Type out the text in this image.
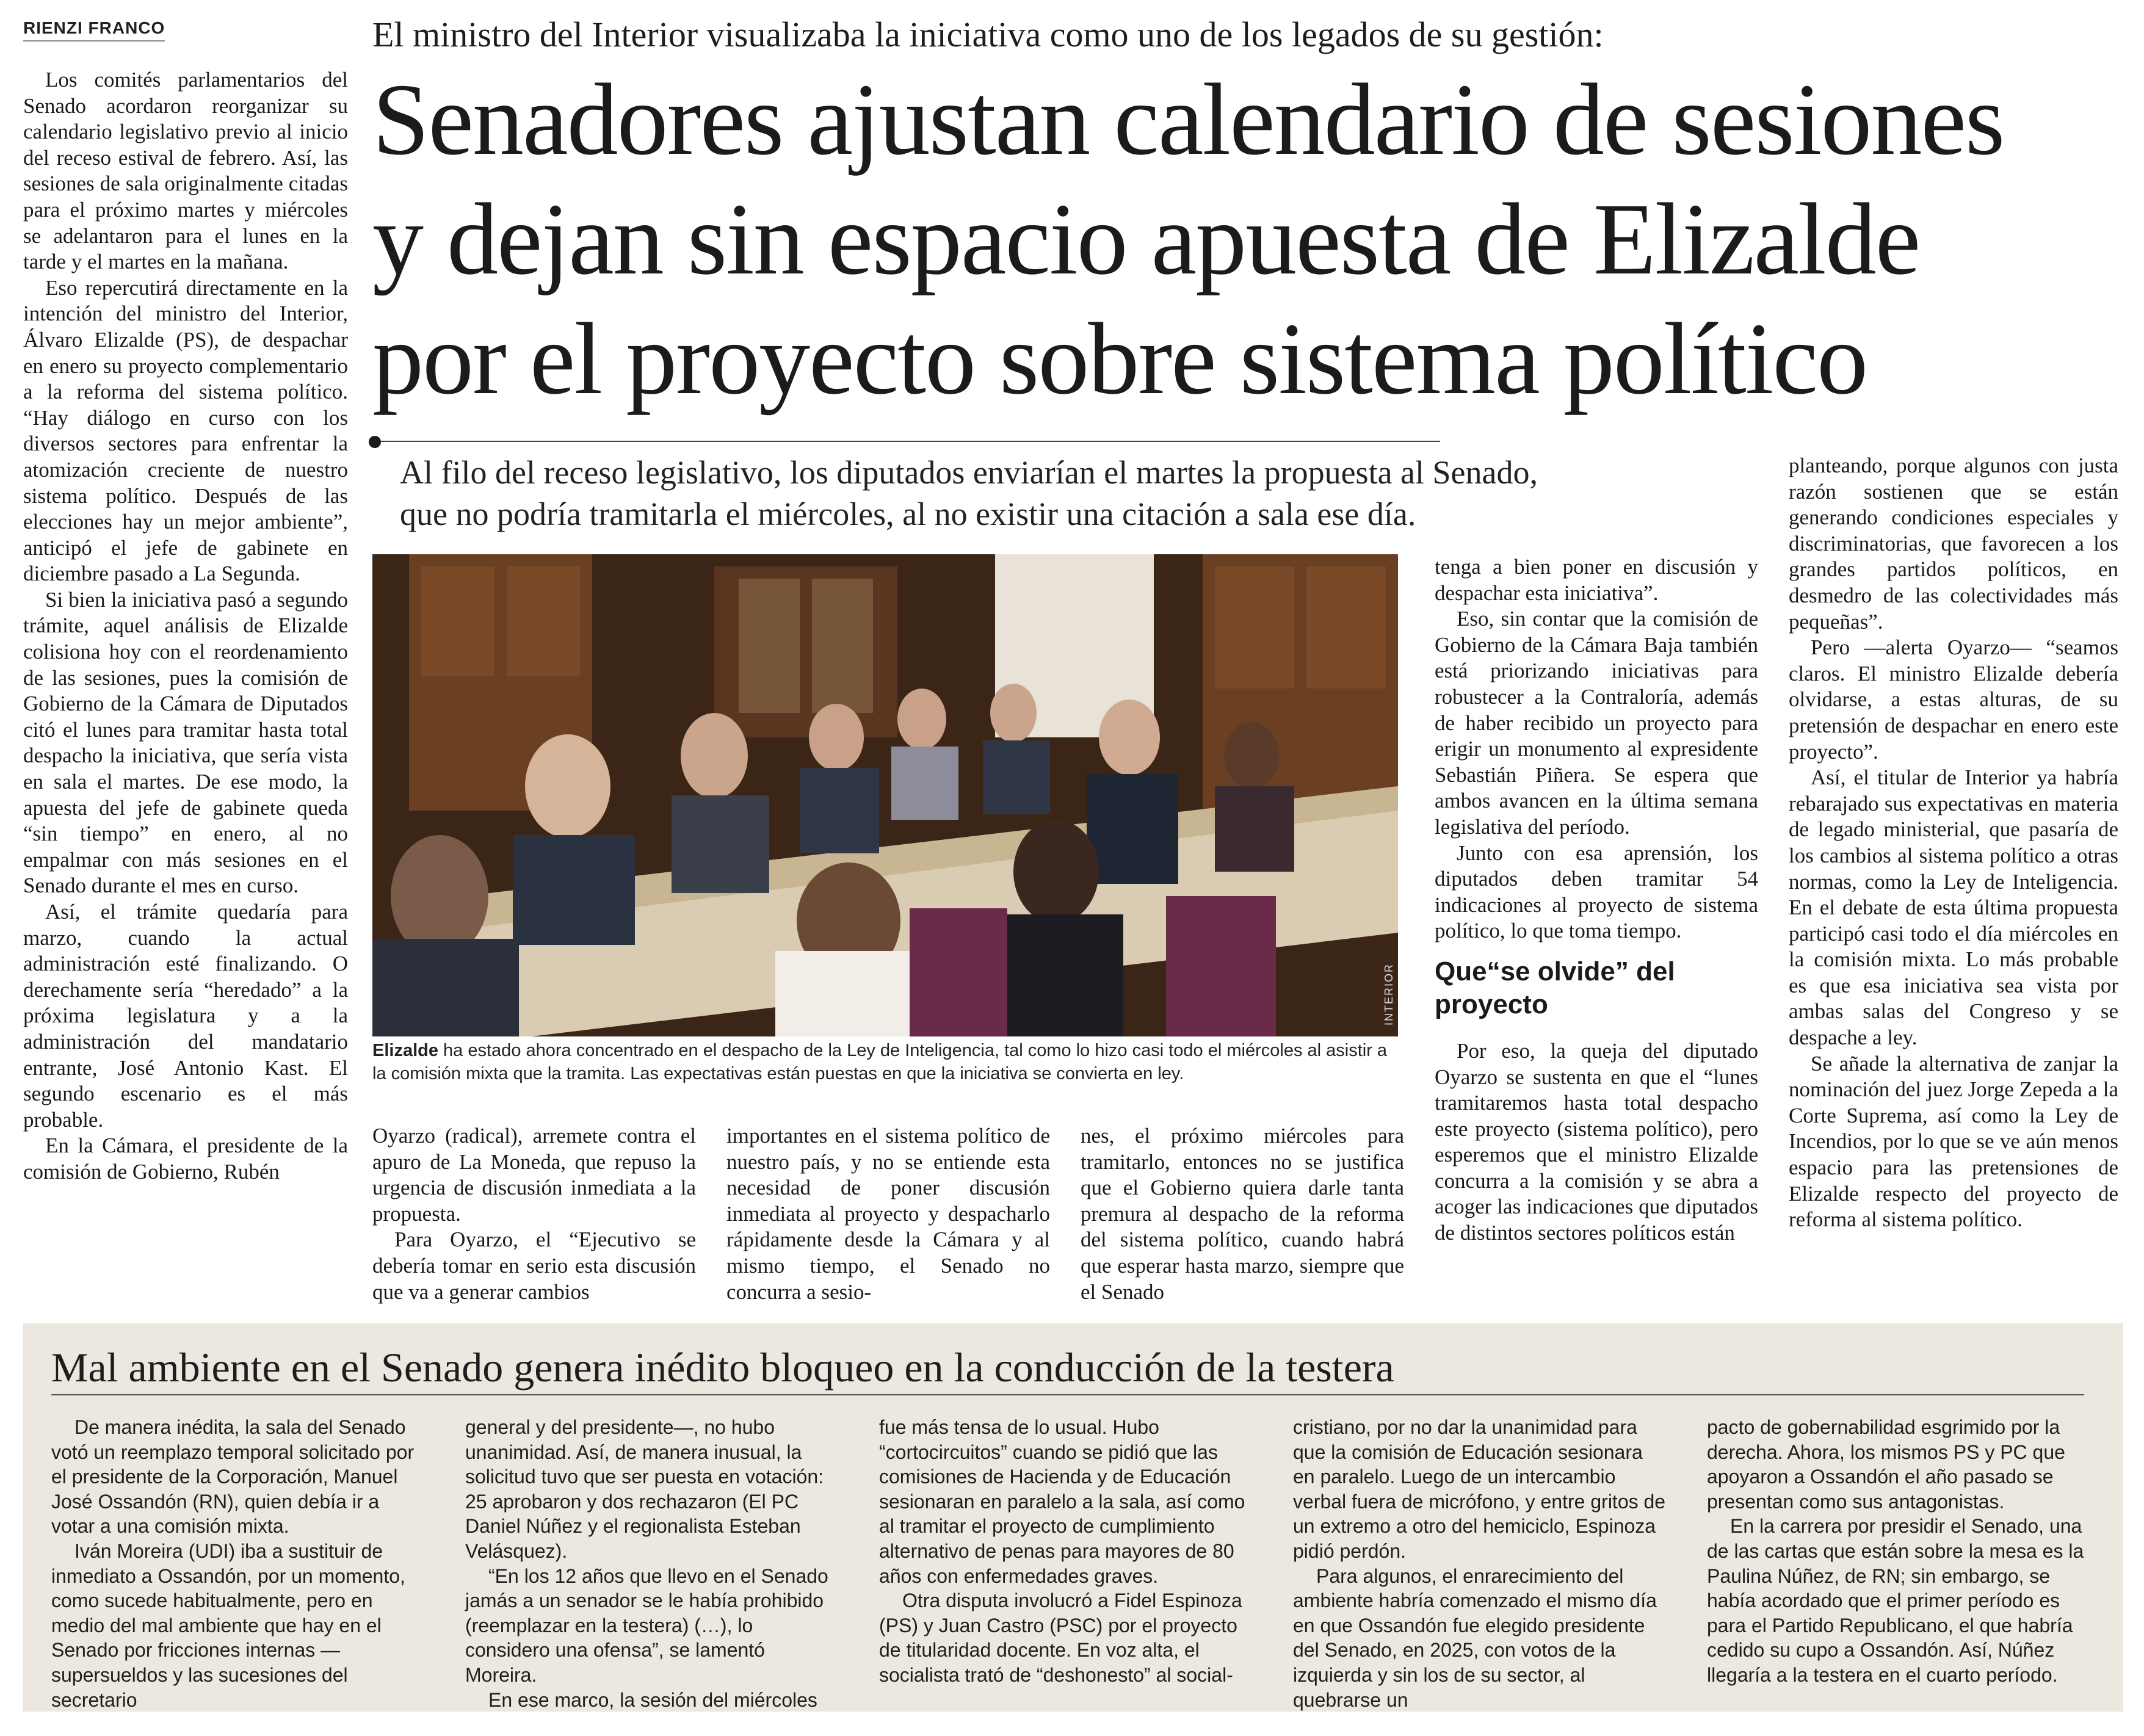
RIENZI FRANCO	El ministro del Interior visualizaba la iniciativa como uno de los legados de su gestión:
Senadores ajustan calendario de sesiones
y dejan sin espacio apuesta de Elizalde
por el proyecto sobre sistema político
Al filo del receso legislativo, los diputados enviarían el martes la propuesta al Senado,
que no podría tramitarla el miércoles, al no existir una citación a sala ese día.

Los comités parlamentarios del Senado acordaron reorganizar su calendario legislativo previo al inicio del receso estival de febrero. Así, las sesiones de sala originalmente citadas para el próximo martes y miércoles se adelantaron para el lunes en la tarde y el martes en la mañana.

Eso repercutirá directamente en la intención del ministro del Interior, Álvaro Elizalde (PS), de despachar en enero su proyecto complementario a la reforma del sistema político. “Hay diálogo en curso con los diversos sectores para enfrentar la atomización creciente de nuestro sistema político. Después de las elecciones hay un mejor ambiente”, anticipó el jefe de gabinete en diciembre pasado a La Segunda.

Si bien la iniciativa pasó a segundo trámite, aquel análisis de Elizalde colisiona hoy con el reordenamiento de las sesiones, pues la comisión de Gobierno de la Cámara de Diputados citó el lunes para tramitar hasta total despacho la iniciativa, que sería vista en sala el martes. De ese modo, la apuesta del jefe de gabinete queda “sin tiempo” en enero, al no empalmar con más sesiones en el Senado durante el mes en curso.

Así, el trámite quedaría para marzo, cuando la actual administración esté finalizando. O derechamente sería “heredado” a la próxima legislatura y a la administración del mandatario entrante, José Antonio Kast. El segundo escenario es el más probable.

En la Cámara, el presidente de la comisión de Gobierno, Rubén

INTERIOR
Elizalde ha estado ahora concentrado en el despacho de la Ley de Inteligencia, tal como lo hizo casi todo el miércoles al asistir a la comisión mixta que la tramita. Las expectativas están puestas en que la iniciativa se convierta en ley.

Oyarzo (radical), arremete contra el apuro de La Moneda, que repuso la urgencia de discusión inmediata a la propuesta.

Para Oyarzo, el “Ejecutivo se debería tomar en serio esta discusión que va a generar cambios

importantes en el sistema político de nuestro país, y no se entiende esta necesidad de poner discusión inmediata al proyecto y despacharlo rápidamente desde la Cámara y al mismo tiempo, el Senado no concurra a sesio-

nes, el próximo miércoles para tramitarlo, entonces no se justifica que el Gobierno quiera darle tanta premura al despacho de la reforma del sistema político, cuando habrá que esperar hasta marzo, siempre que el Senado

tenga a bien poner en discusión y despachar esta iniciativa”.

Eso, sin contar que la comisión de Gobierno de la Cámara Baja también está priorizando iniciativas para robustecer a la Contraloría, además de haber recibido un proyecto para erigir un monumento al expresidente Sebastián Piñera. Se espera que ambos avancen en la última semana legislativa del período.

Junto con esa aprensión, los diputados deben tramitar 54 indicaciones al proyecto de sistema político, lo que toma tiempo.

Que“se olvide” del proyecto

Por eso, la queja del diputado Oyarzo se sustenta en que el “lunes tramitaremos hasta total despacho este proyecto (sistema político), pero esperemos que el ministro Elizalde concurra a la comisión y se abra a acoger las indicaciones que diputados de distintos sectores políticos están

planteando, porque algunos con justa razón sostienen que se están generando condiciones especiales y discriminatorias, que favorecen a los grandes partidos políticos, en desmedro de las colectividades más pequeñas”.

Pero —alerta Oyarzo— “seamos claros. El ministro Elizalde debería olvidarse, a estas alturas, de su pretensión de despachar en enero este proyecto”.

Así, el titular de Interior ya habría rebarajado sus expectativas en materia de legado ministerial, que pasaría de los cambios al sistema político a otras normas, como la Ley de Inteligencia. En el debate de esta última propuesta participó casi todo el día miércoles en la comisión mixta. Lo más probable es que esa iniciativa sea vista por ambas salas del Congreso y se despache a ley.

Se añade la alternativa de zanjar la nominación del juez Jorge Zepeda a la Corte Suprema, así como la Ley de Incendios, por lo que se ve aún menos espacio para las pretensiones de Elizalde respecto del proyecto de reforma al sistema político.

Mal ambiente en el Senado genera inédito bloqueo en la conducción de la testera

De manera inédita, la sala del Senado votó un reemplazo temporal solicitado por el presidente de la Corporación, Manuel José Ossandón (RN), quien debía ir a votar a una comisión mixta.

Iván Moreira (UDI) iba a sustituir de inmediato a Ossandón, por un momento, como sucede habitualmente, pero en medio del mal ambiente que hay en el Senado por fricciones internas —supersueldos y las sucesiones del secretario

general y del presidente—, no hubo unanimidad. Así, de manera inusual, la solicitud tuvo que ser puesta en votación: 25 aprobaron y dos rechazaron (El PC Daniel Núñez y el regionalista Esteban Velásquez).

“En los 12 años que llevo en el Senado jamás a un senador se le había prohibido (reemplazar en la testera) (…), lo considero una ofensa”, se lamentó Moreira.

En ese marco, la sesión del miércoles

fue más tensa de lo usual. Hubo “cortocircuitos” cuando se pidió que las comisiones de Hacienda y de Educación sesionaran en paralelo a la sala, así como al tramitar el proyecto de cumplimiento alternativo de penas para mayores de 80 años con enfermedades graves.

Otra disputa involucró a Fidel Espinoza (PS) y Juan Castro (PSC) por el proyecto de titularidad docente. En voz alta, el socialista trató de “deshonesto” al social-

cristiano, por no dar la unanimidad para que la comisión de Educación sesionara en paralelo. Luego de un intercambio verbal fuera de micrófono, y entre gritos de un extremo a otro del hemiciclo, Espinoza pidió perdón.

Para algunos, el enrarecimiento del ambiente habría comenzado el mismo día en que Ossandón fue elegido presidente del Senado, en 2025, con votos de la izquierda y sin los de su sector, al quebrarse un

pacto de gobernabilidad esgrimido por la derecha. Ahora, los mismos PS y PC que apoyaron a Ossandón el año pasado se presentan como sus antagonistas.

En la carrera por presidir el Senado, una de las cartas que están sobre la mesa es la Paulina Núñez, de RN; sin embargo, se había acordado que el primer período es para el Partido Republicano, el que habría cedido su cupo a Ossandón. Así, Núñez llegaría a la testera en el cuarto período.
